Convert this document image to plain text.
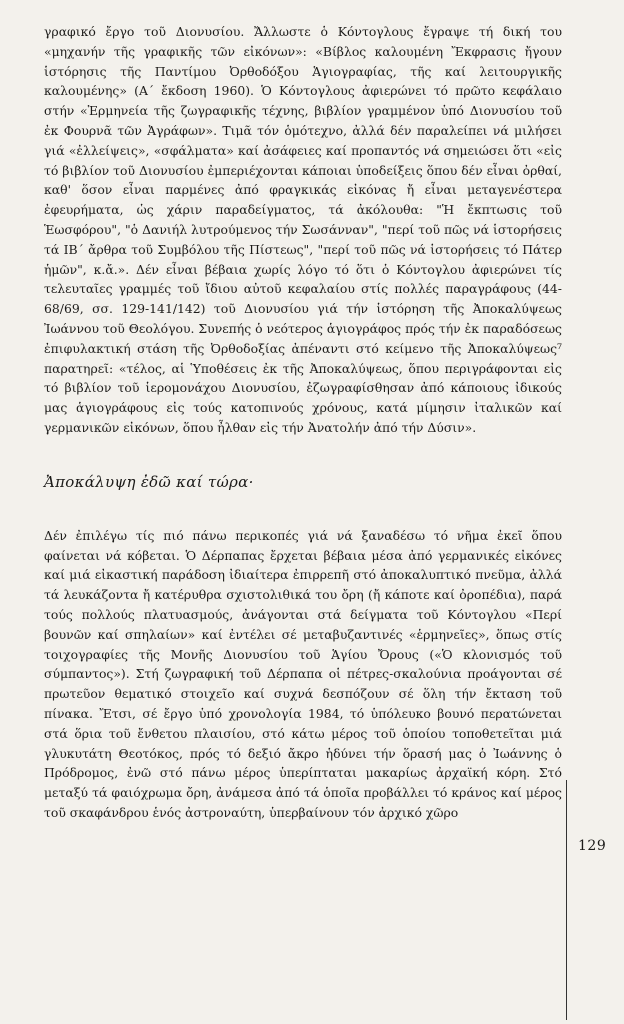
γραφικό ἔργο τοῦ Διονυσίου. Ἄλλωστε ὁ Κόντογλους ἔγραψε τή δική του «μηχανήν τῆς γραφικῆς τῶν εἰκόνων»: «Βίβλος καλουμένη Ἔκφρασις ἤγουν ἱστόρησις τῆς Παντίμου Ὀρθοδόξου Ἁγιογραφίας, τῆς καί λειτουργικῆς καλουμένης» (Α΄ ἔκδοση 1960). Ὁ Κόντογλους ἀφιερώνει τό πρῶτο κεφάλαιο στήν «Ἑρμηνεία τῆς ζωγραφικῆς τέχνης, βιβλίον γραμμένον ὑπό Διονυσίου τοῦ ἐκ Φουρνᾶ τῶν Ἀγράφων». Τιμᾶ τόν ὁμότεχνο, ἀλλά δέν παραλείπει νά μιλήσει γιά «ἐλλείψεις», «σφάλματα» καί ἀσάφειες καί προπαντός νά σημειώσει ὅτι «εἰς τό βιβλίον τοῦ Διονυσίου ἐμπεριέχονται κάποιαι ὑποδείξεις ὅπου δέν εἶναι ὀρθαί, καθ' ὅσον εἶναι παρμένες ἀπό φραγκικάς εἰκόνας ἤ εἶναι μεταγενέστερα ἐφευρήματα, ὡς χάριν παραδείγματος, τά ἀκόλουθα: "Ἡ ἔκπτωσις τοῦ Ἑωσφόρου", "ὁ Δανιήλ λυτρούμενος τήν Σωσάνναν", "περί τοῦ πῶς νά ἱστορήσεις τά ΙΒ΄ ἄρθρα τοῦ Συμβόλου τῆς Πίστεως", "περί τοῦ πῶς νά ἱστορήσεις τό Πάτερ ἡμῶν", κ.ἄ.». Δέν εἶναι βέβαια χωρίς λόγο τό ὅτι ὁ Κόντογλου ἀφιερώνει τίς τελευταῖες γραμμές τοῦ ἴδιου αὐτοῦ κεφαλαίου στίς πολλές παραγράφους (44-68/69, σσ. 129-141/142) τοῦ Διονυσίου γιά τήν ἱστόρηση τῆς Ἀποκαλύψεως Ἰωάννου τοῦ Θεολόγου. Συνεπής ὁ νεότερος ἁγιογράφος πρός τήν ἐκ παραδόσεως ἐπιφυλακτική στάση τῆς Ὀρθοδοξίας ἀπέναντι στό κείμενο τῆς Ἀποκαλύψεως⁷ παρατηρεῖ: «τέλος, αἱ Ὑποθέσεις ἐκ τῆς Ἀποκαλύψεως, ὅπου περιγράφονται εἰς τό βιβλίον τοῦ ἱερομονάχου Διονυσίου, ἐζωγραφίσθησαν ἀπό κάποιους ἰδικούς μας ἁγιογράφους εἰς τούς κατοπινούς χρόνους, κατά μίμησιν ἰταλικῶν καί γερμανικῶν εἰκόνων, ὅπου ἦλθαν εἰς τήν Ἀνατολήν ἀπό τήν Δύσιν».

Ἀποκάλυψη ἐδῶ καί τώρα·

Δέν ἐπιλέγω τίς πιό πάνω περικοπές γιά νά ξαναδέσω τό νῆμα ἐκεῖ ὅπου φαίνεται νά κόβεται. Ὁ Δέρπαπας ἔρχεται βέβαια μέσα ἀπό γερμανικές εἰκόνες καί μιά εἰκαστική παράδοση ἰδιαίτερα ἐπιρρεπῆ στό ἀποκαλυπτικό πνεῦμα, ἀλλά τά λευκάζοντα ἤ κατέρυθρα σχιστολιθικά του ὄρη (ἤ κάποτε καί ὀροπέδια), παρά τούς πολλούς πλατυασμούς, ἀνάγονται στά δείγματα τοῦ Κόντογλου «Περί βουνῶν καί σπηλαίων» καί ἐντέλει σέ μεταβυζαντινές «ἑρμηνεῖες», ὅπως στίς τοιχογραφίες τῆς Μονῆς Διονυσίου τοῦ Ἁγίου Ὄρους («Ὁ κλονισμός τοῦ σύμπαντος»). Στή ζωγραφική τοῦ Δέρπαπα οἱ πέτρες-σκαλούνια προάγονται σέ πρωτεῦον θεματικό στοιχεῖο καί συχνά δεσπόζουν σέ ὅλη τήν ἔκταση τοῦ πίνακα. Ἔτσι, σέ ἔργο ὑπό χρονολογία 1984, τό ὑπόλευκο βουνό περατώνεται στά ὅρια τοῦ ἔνθετου πλαισίου, στό κάτω μέρος τοῦ ὁποίου τοποθετεῖται μιά γλυκυτάτη Θεοτόκος, πρός τό δεξιό ἄκρο ἡδύνει τήν ὅρασή μας ὁ Ἰωάννης ὁ Πρόδρομος, ἐνῶ στό πάνω μέρος ὑπερίπταται μακαρίως ἀρχαϊκή κόρη. Στό μεταξύ τά φαιόχρωμα ὄρη, ἀνάμεσα ἀπό τά ὁποῖα προβάλλει τό κράνος καί μέρος τοῦ σκαφάνδρου ἑνός ἀστροναύτη, ὑπερβαίνουν τόν ἀρχικό χῶρο

129
